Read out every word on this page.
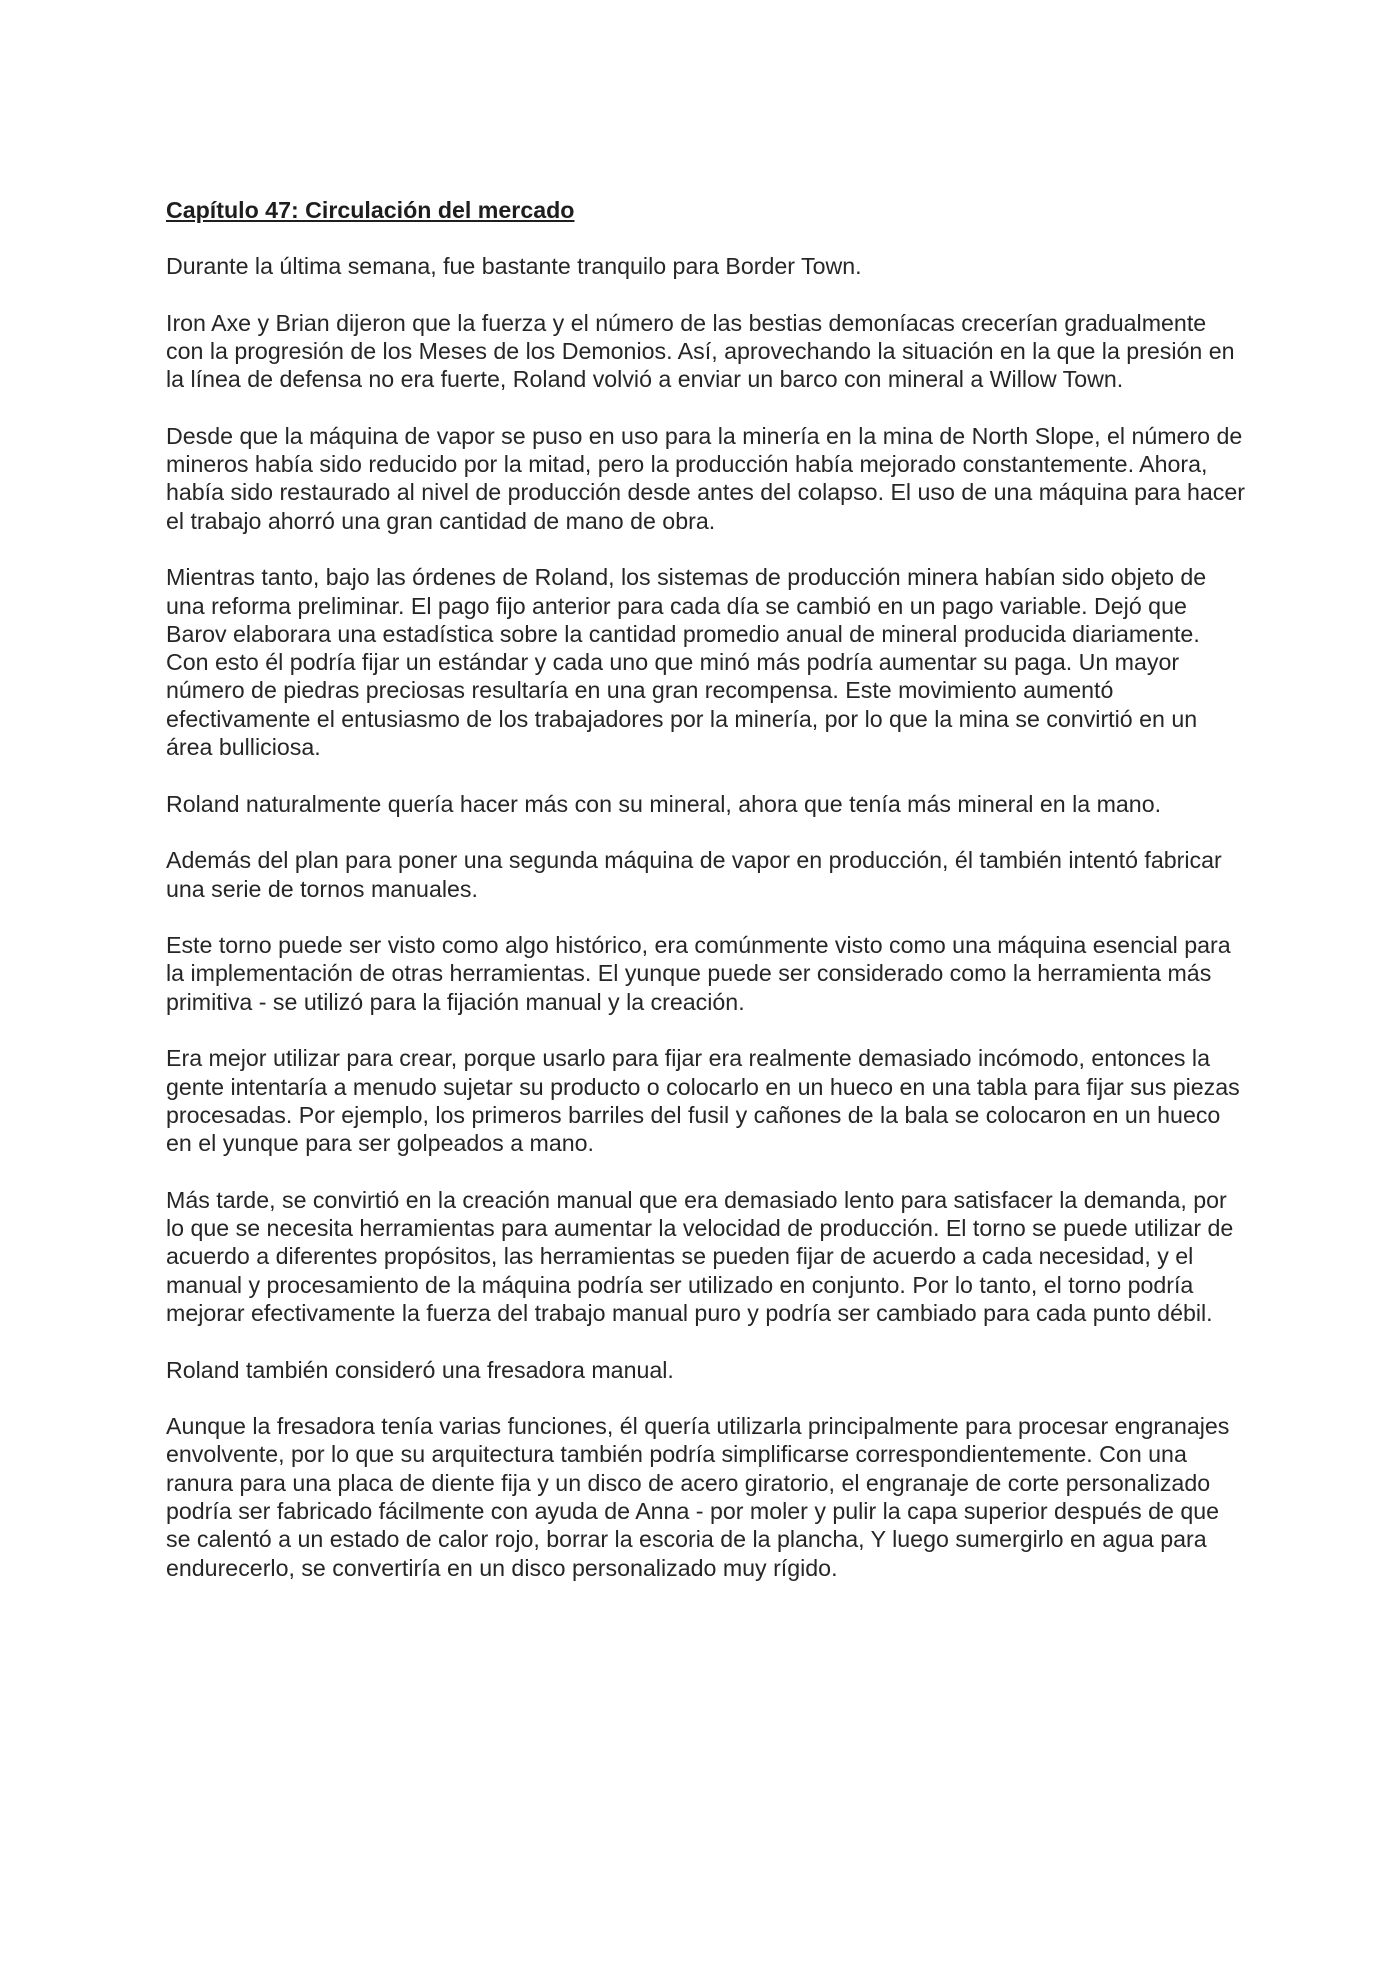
Capítulo 47: Circulación del mercado

Durante la última semana, fue bastante tranquilo para Border Town.

Iron Axe y Brian dijeron que la fuerza y el número de las bestias demoníacas crecerían gradualmente con la progresión de los Meses de los Demonios. Así, aprovechando la situación en la que la presión en la línea de defensa no era fuerte, Roland volvió a enviar un barco con mineral a Willow Town.

Desde que la máquina de vapor se puso en uso para la minería en la mina de North Slope, el número de mineros había sido reducido por la mitad, pero la producción había mejorado constantemente. Ahora, había sido restaurado al nivel de producción desde antes del colapso. El uso de una máquina para hacer el trabajo ahorró una gran cantidad de mano de obra.

Mientras tanto, bajo las órdenes de Roland, los sistemas de producción minera habían sido objeto de una reforma preliminar. El pago fijo anterior para cada día se cambió en un pago variable. Dejó que Barov elaborara una estadística sobre la cantidad promedio anual de mineral producida diariamente. Con esto él podría fijar un estándar y cada uno que minó más podría aumentar su paga. Un mayor número de piedras preciosas resultaría en una gran recompensa. Este movimiento aumentó efectivamente el entusiasmo de los trabajadores por la minería, por lo que la mina se convirtió en un área bulliciosa.

Roland naturalmente quería hacer más con su mineral, ahora que tenía más mineral en la mano.

Además del plan para poner una segunda máquina de vapor en producción, él también intentó fabricar una serie de tornos manuales.

Este torno puede ser visto como algo histórico, era comúnmente visto como una máquina esencial para la implementación de otras herramientas. El yunque puede ser considerado como la herramienta más primitiva - se utilizó para la fijación manual y la creación.

Era mejor utilizar para crear, porque usarlo para fijar era realmente demasiado incómodo, entonces la gente intentaría a menudo sujetar su producto o colocarlo en un hueco en una tabla para fijar sus piezas procesadas. Por ejemplo, los primeros barriles del fusil y cañones de la bala se colocaron en un hueco en el yunque para ser golpeados a mano.

Más tarde, se convirtió en la creación manual que era demasiado lento para satisfacer la demanda, por lo que se necesita herramientas para aumentar la velocidad de producción. El torno se puede utilizar de acuerdo a diferentes propósitos, las herramientas se pueden fijar de acuerdo a cada necesidad, y el manual y procesamiento de la máquina podría ser utilizado en conjunto. Por lo tanto, el torno podría mejorar efectivamente la fuerza del trabajo manual puro y podría ser cambiado para cada punto débil.

Roland también consideró una fresadora manual.

Aunque la fresadora tenía varias funciones, él quería utilizarla principalmente para procesar engranajes envolvente, por lo que su arquitectura también podría simplificarse correspondientemente. Con una ranura para una placa de diente fija y un disco de acero giratorio, el engranaje de corte personalizado podría ser fabricado fácilmente con ayuda de Anna - por moler y pulir la capa superior después de que se calentó a un estado de calor rojo, borrar la escoria de la plancha, Y luego sumergirlo en agua para endurecerlo, se convertiría en un disco personalizado muy rígido.
